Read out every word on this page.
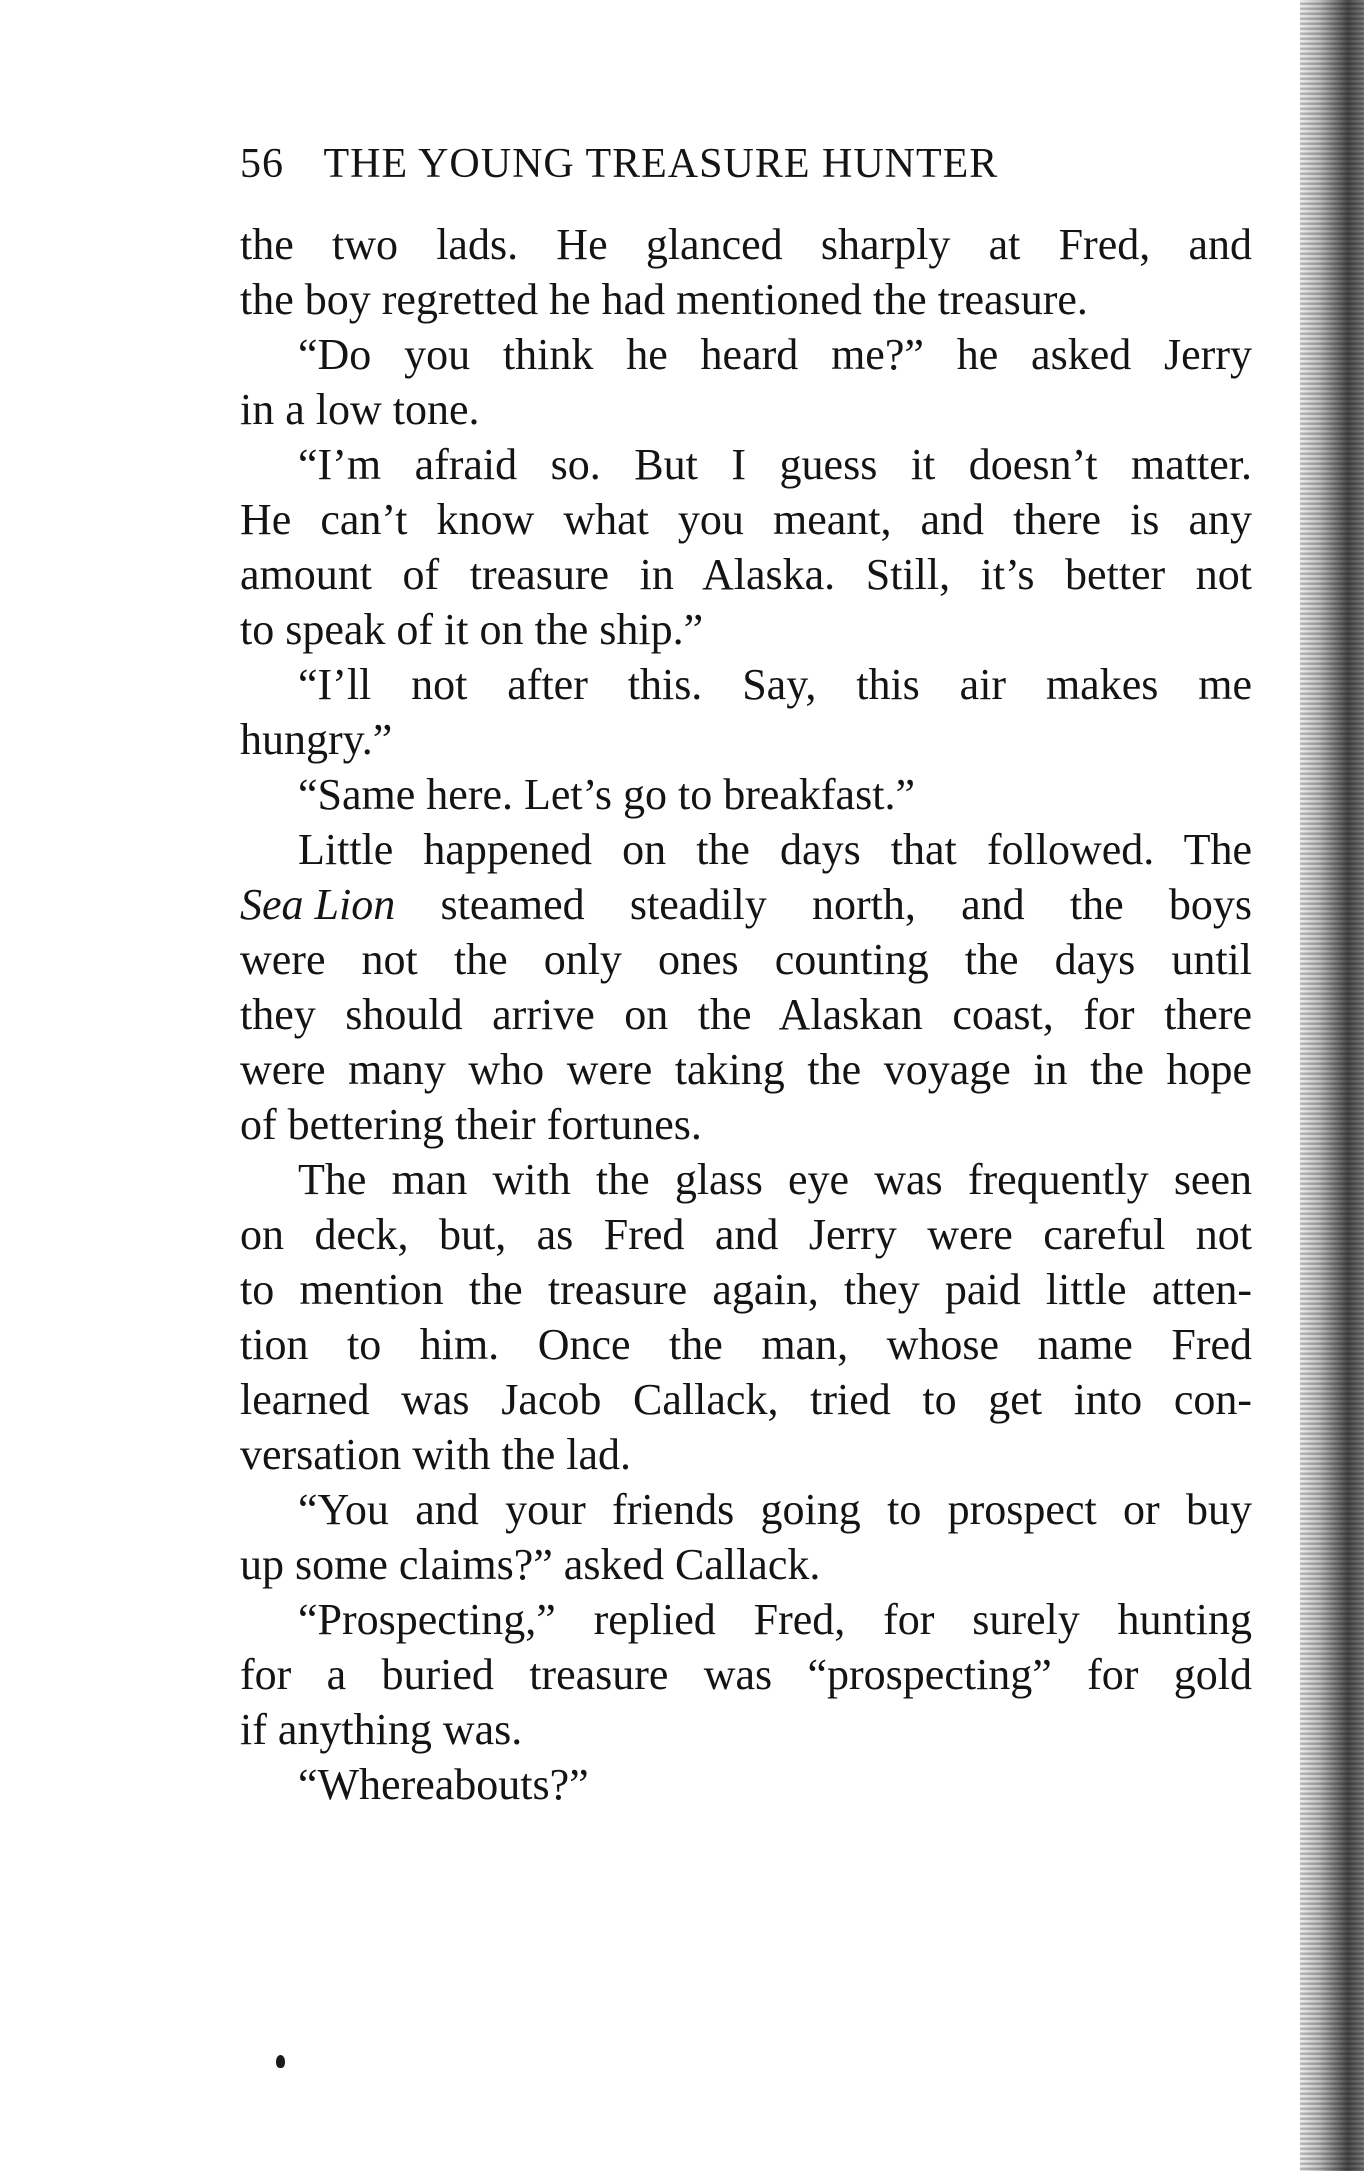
56 THE YOUNG TREASURE HUNTER
the two lads. He glanced sharply at Fred, and
the boy regretted he had mentioned the treasure.
“Do you think he heard me?” he asked Jerry
in a low tone.
“I’m afraid so. But I guess it doesn’t matter.
He can’t know what you meant, and there is any
amount of treasure in Alaska. Still, it’s better not
to speak of it on the ship.”
“I’ll not after this. Say, this air makes me
hungry.”
“Same here. Let’s go to breakfast.”
Little happened on the days that followed. The
Sea Lion steamed steadily north, and the boys
were not the only ones counting the days until
they should arrive on the Alaskan coast, for there
were many who were taking the voyage in the hope
of bettering their fortunes.
The man with the glass eye was frequently seen
on deck, but, as Fred and Jerry were careful not
to mention the treasure again, they paid little atten-
tion to him. Once the man, whose name Fred
learned was Jacob Callack, tried to get into con-
versation with the lad.
“You and your friends going to prospect or buy
up some claims?” asked Callack.
“Prospecting,” replied Fred, for surely hunting
for a buried treasure was “prospecting” for gold
if anything was.
“Whereabouts?”
